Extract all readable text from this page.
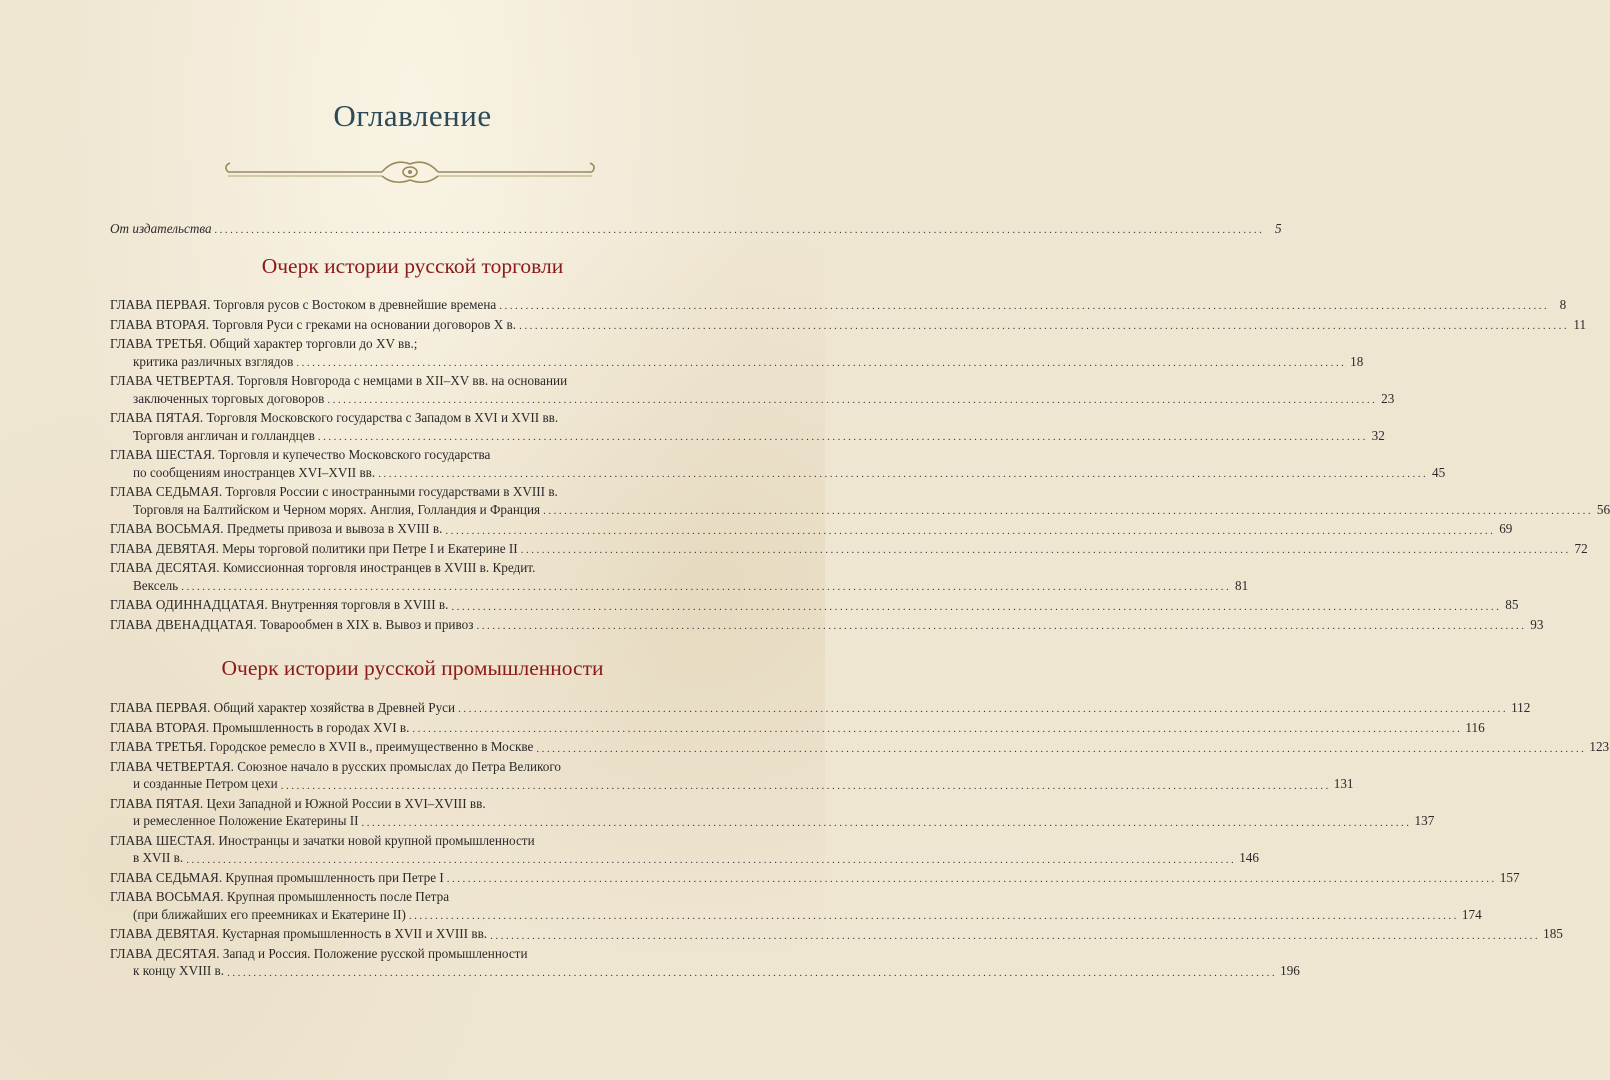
Оглавление
От издательства ........................................................................................................................................................................................................ 5
Очерк истории русской торговли
ГЛАВА ПЕРВАЯ. Торговля русов с Востоком в древнейшие времена ........................................................................................................................................................................................................ 8
ГЛАВА ВТОРАЯ. Торговля Руси с греками на основании договоров X в. ........................................................................................................................................................................................................ 11
ГЛАВА ТРЕТЬЯ. Общий характер торговли до XV вв.;
критика различных взглядов ........................................................................................................................................................................................................ 18
ГЛАВА ЧЕТВЕРТАЯ. Торговля Новгорода с немцами в XII–XV вв. на основании
заключенных торговых договоров ........................................................................................................................................................................................................ 23
ГЛАВА ПЯТАЯ. Торговля Московского государства с Западом в XVI и XVII вв.
Торговля англичан и голландцев ........................................................................................................................................................................................................ 32
ГЛАВА ШЕСТАЯ. Торговля и купечество Московского государства
по сообщениям иностранцев XVI–XVII вв. ........................................................................................................................................................................................................ 45
ГЛАВА СЕДЬМАЯ. Торговля России с иностранными государствами в XVIII в.
Торговля на Балтийском и Черном морях. Англия, Голландия и Франция ........................................................................................................................................................................................................ 56
ГЛАВА ВОСЬМАЯ. Предметы привоза и вывоза в XVIII в. ........................................................................................................................................................................................................ 69
ГЛАВА ДЕВЯТАЯ. Меры торговой политики при Петре I и Екатерине II ........................................................................................................................................................................................................ 72
ГЛАВА ДЕСЯТАЯ. Комиссионная торговля иностранцев в XVIII в. Кредит.
Вексель ........................................................................................................................................................................................................ 81
ГЛАВА ОДИННАДЦАТАЯ. Внутренняя торговля в XVIII в. ........................................................................................................................................................................................................ 85
ГЛАВА ДВЕНАДЦАТАЯ. Товарообмен в XIX в. Вывоз и привоз ........................................................................................................................................................................................................ 93
Очерк истории русской промышленности
ГЛАВА ПЕРВАЯ. Общий характер хозяйства в Древней Руси ........................................................................................................................................................................................................ 112
ГЛАВА ВТОРАЯ. Промышленность в городах XVI в. ........................................................................................................................................................................................................ 116
ГЛАВА ТРЕТЬЯ. Городское ремесло в XVII в., преимущественно в Москве ........................................................................................................................................................................................................ 123
ГЛАВА ЧЕТВЕРТАЯ. Союзное начало в русских промыслах до Петра Великого
и созданные Петром цехи ........................................................................................................................................................................................................ 131
ГЛАВА ПЯТАЯ. Цехи Западной и Южной России в XVI–XVIII вв.
и ремесленное Положение Екатерины II ........................................................................................................................................................................................................ 137
ГЛАВА ШЕСТАЯ. Иностранцы и зачатки новой крупной промышленности
в XVII в. ........................................................................................................................................................................................................ 146
ГЛАВА СЕДЬМАЯ. Крупная промышленность при Петре I ........................................................................................................................................................................................................ 157
ГЛАВА ВОСЬМАЯ. Крупная промышленность после Петра
(при ближайших его преемниках и Екатерине II) ........................................................................................................................................................................................................ 174
ГЛАВА ДЕВЯТАЯ. Кустарная промышленность в XVII и XVIII вв. ........................................................................................................................................................................................................ 185
ГЛАВА ДЕСЯТАЯ. Запад и Россия. Положение русской промышленности
к концу XVIII в. ........................................................................................................................................................................................................ 196
